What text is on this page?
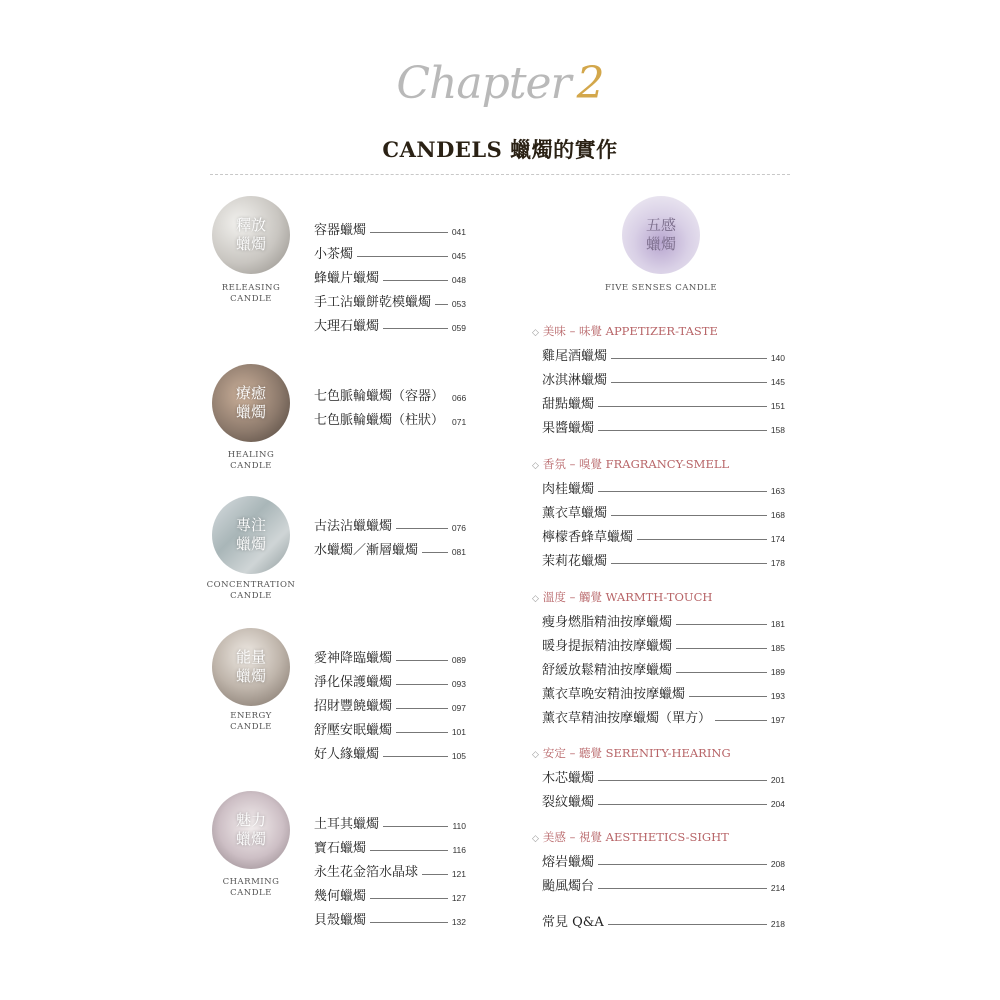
Chapter 2
CANDELS 蠟燭的實作
釋放
蠟燭
RELEASING
CANDLE
容器蠟燭	041
小茶燭	045
蜂蠟片蠟燭	048
手工沾蠟餅乾模蠟燭 053
大理石蠟燭	059
療癒
蠟燭
HEALING
CANDLE
七色脈輪蠟燭（容器） 066
七色脈輪蠟燭（柱狀） 071
專注
蠟燭
CONCENTRATION
CANDLE
古法沾蠟蠟燭	076
水蠟燭／漸層蠟燭	081
能量
蠟燭
ENERGY
CANDLE
愛神降臨蠟燭	089
淨化保護蠟燭	093
招財豐饒蠟燭	097
舒壓安眠蠟燭	101
好人緣蠟燭	105
魅力
蠟燭
CHARMING
CANDLE
土耳其蠟燭	110
寶石蠟燭	116
永生花金箔水晶球	121
幾何蠟燭	127
貝殼蠟燭	132
五感
蠟燭
FIVE SENSES CANDLE
◇ 美味 – 味覺 APPETIZER-TASTE
雞尾酒蠟燭	140
冰淇淋蠟燭	145
甜點蠟燭	151
果醬蠟燭	158
◇ 香氛 – 嗅覺 FRAGRANCY-SMELL
肉桂蠟燭	163
薰衣草蠟燭	168
檸檬香蜂草蠟燭	174
茉莉花蠟燭	178
◇ 溫度 – 觸覺 WARMTH-TOUCH
瘦身燃脂精油按摩蠟燭	181
暖身提振精油按摩蠟燭	185
舒緩放鬆精油按摩蠟燭	189
薰衣草晚安精油按摩蠟燭	193
薰衣草精油按摩蠟燭（單方）	197
◇ 安定 – 聽覺 SERENITY-HEARING
木芯蠟燭	201
裂紋蠟燭	204
◇ 美感 – 視覺 AESTHETICS-SIGHT
熔岩蠟燭	208
颱風燭台	214
常見 Q&A	218
